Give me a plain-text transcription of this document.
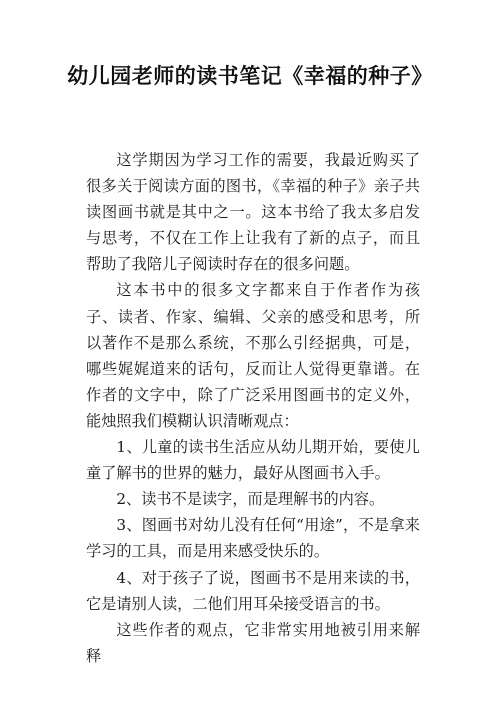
幼儿园老师的读书笔记《幸福的种子》

这学期因为学习工作的需要，我最近购买了很多关于阅读方面的图书，《幸福的种子》亲子共读图画书就是其中之一。这本书给了我太多启发与思考，不仅在工作上让我有了新的点子，而且帮助了我陪儿子阅读时存在的很多问题。

这本书中的很多文字都来自于作者作为孩子、读者、作家、编辑、父亲的感受和思考，所以著作不是那么系统，不那么引经据典，可是，哪些娓娓道来的话句，反而让人觉得更靠谱。在作者的文字中，除了广泛采用图画书的定义外，能烛照我们模糊认识清晰观点：

1、儿童的读书生活应从幼儿期开始，要使儿童了解书的世界的魅力，最好从图画书入手。

2、读书不是读字，而是理解书的内容。

3、图画书对幼儿没有任何“用途”，不是拿来学习的工具，而是用来感受快乐的。

4、对于孩子了说，图画书不是用来读的书，它是请别人读，二他们用耳朵接受语言的书。

这些作者的观点，它非常实用地被引用来解释
